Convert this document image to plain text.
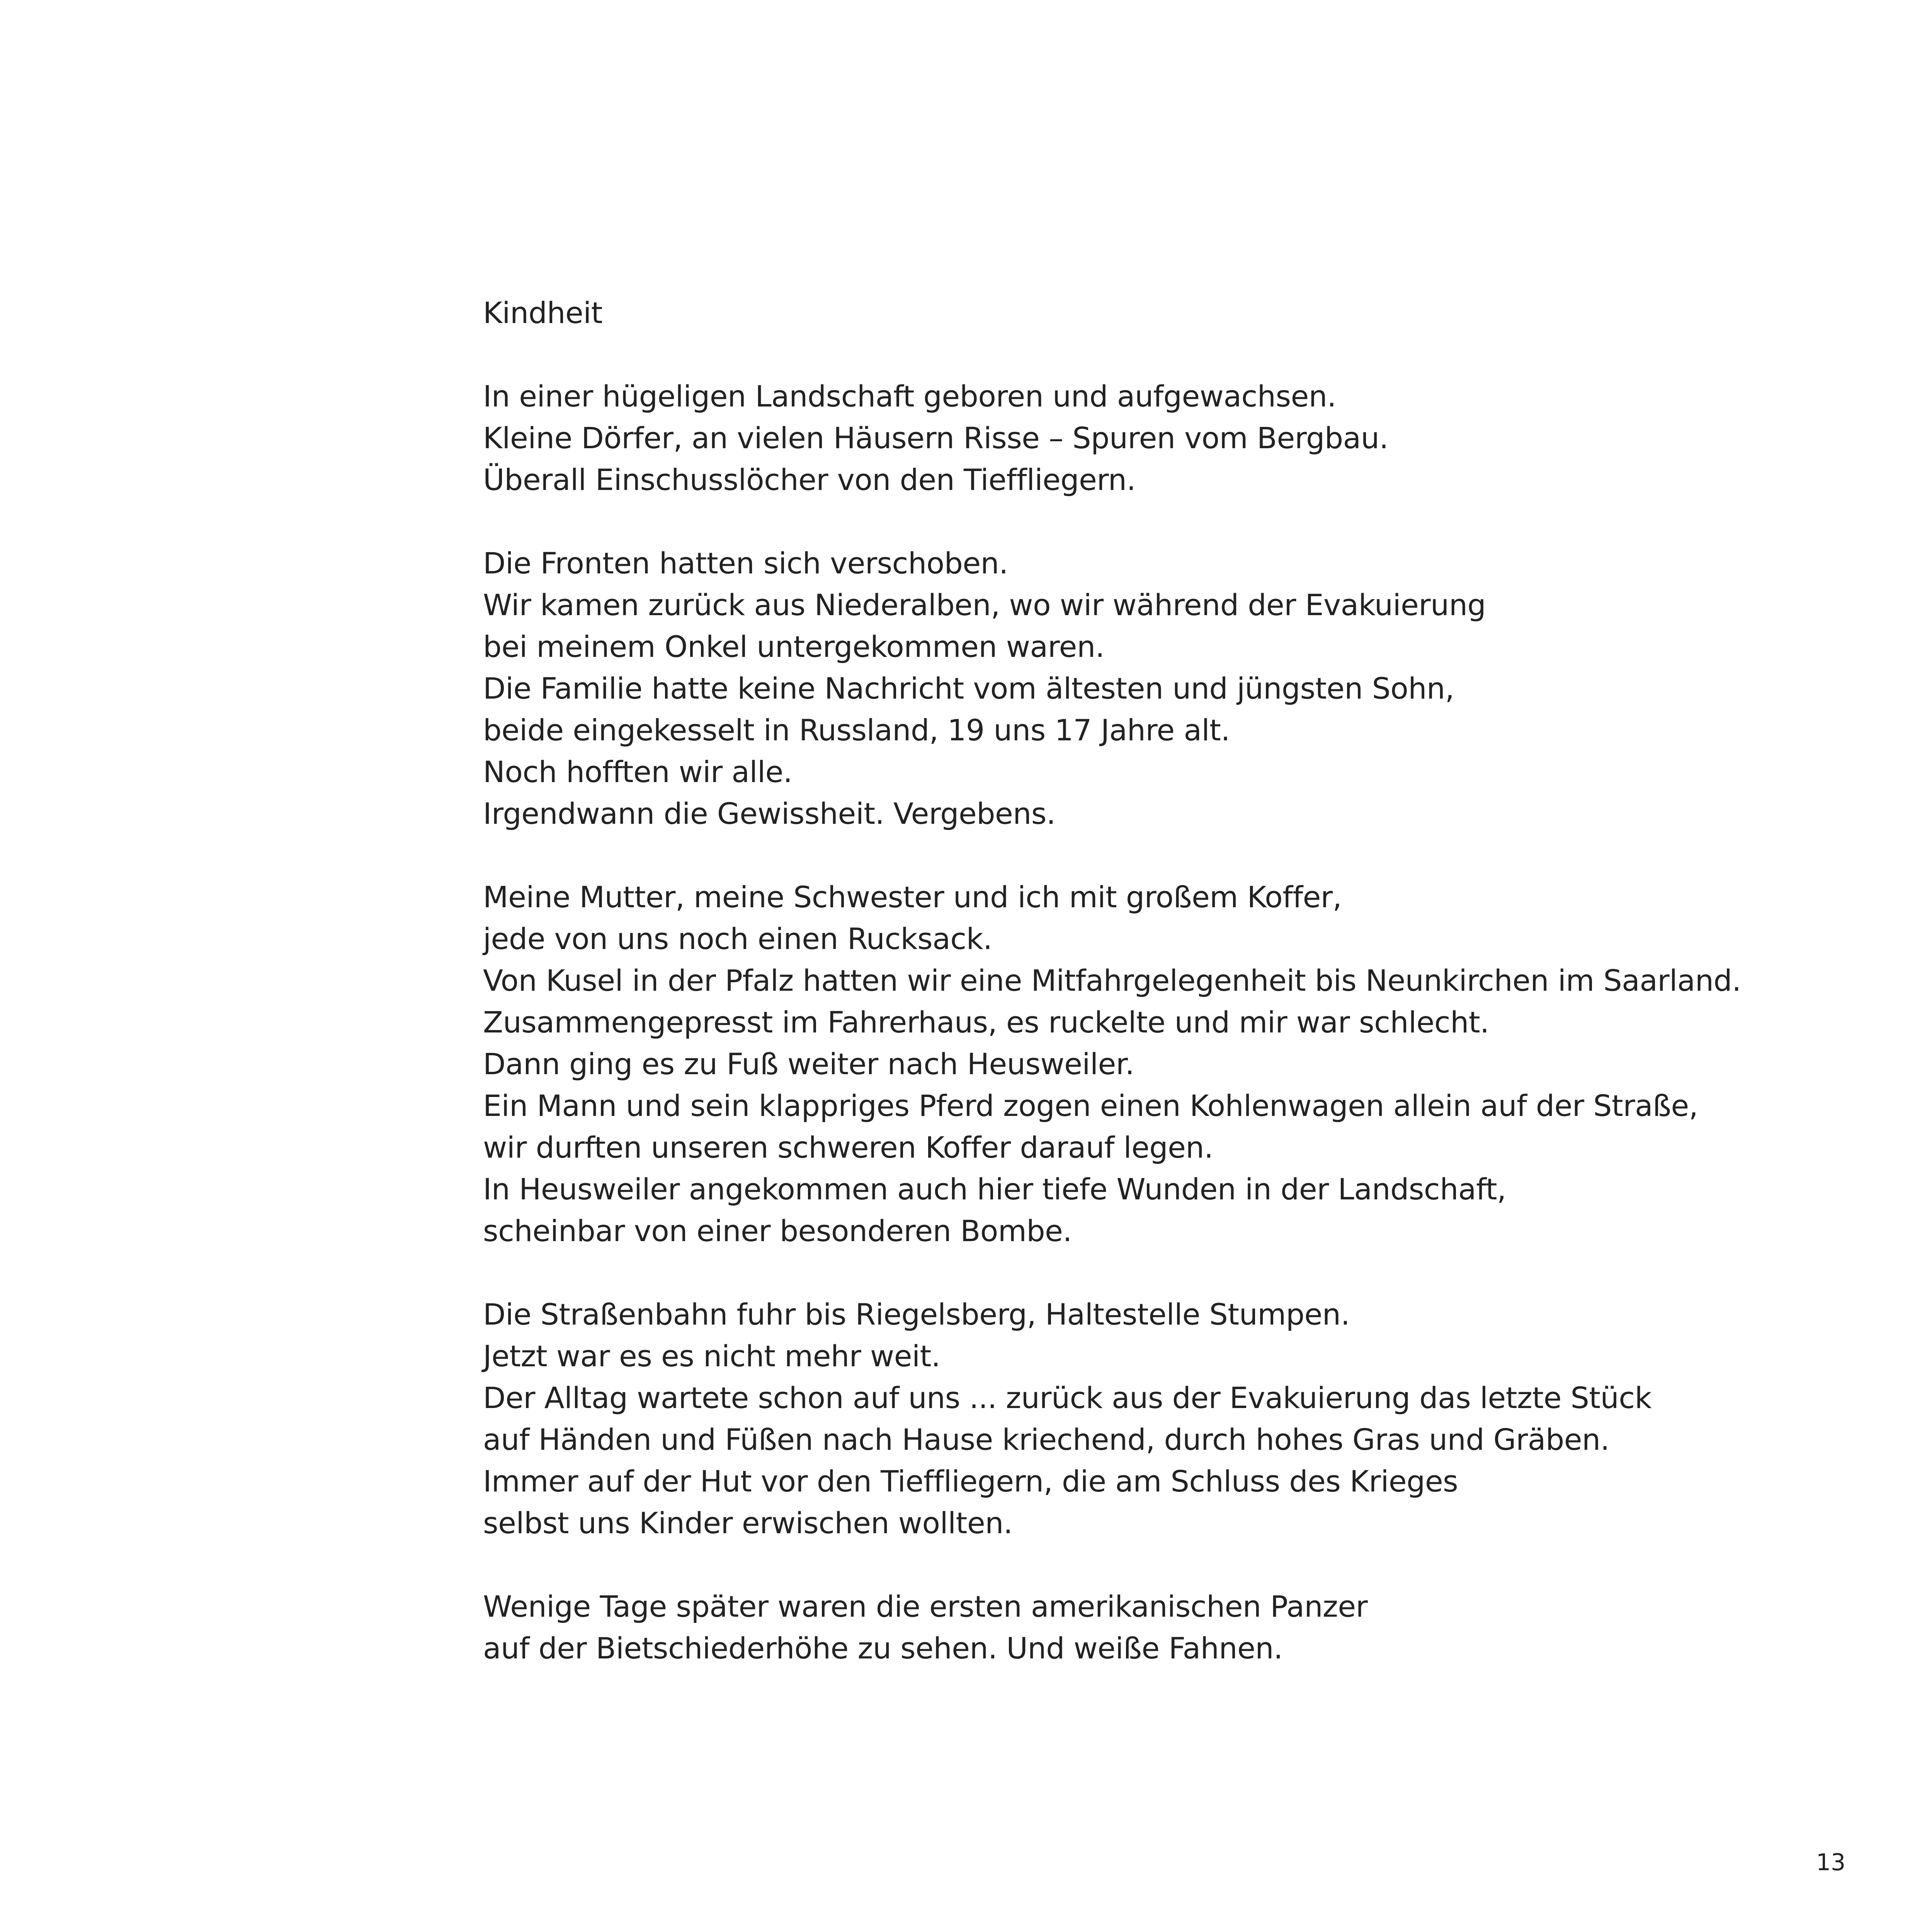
Kindheit
In einer hügeligen Landschaft geboren und aufgewachsen.
Kleine Dörfer, an vielen Häusern Risse – Spuren vom Bergbau.
Überall Einschusslöcher von den Tieffliegern.
Die Fronten hatten sich verschoben.
Wir kamen zurück aus Niederalben, wo wir während der Evakuierung
bei meinem Onkel untergekommen waren.
Die Familie hatte keine Nachricht vom ältesten und jüngsten Sohn,
beide eingekesselt in Russland, 19 uns 17 Jahre alt.
Noch hofften wir alle.
Irgendwann die Gewissheit. Vergebens.
Meine Mutter, meine Schwester und ich mit großem Koffer,
jede von uns noch einen Rucksack.
Von Kusel in der Pfalz hatten wir eine Mitfahrgelegenheit bis Neunkirchen im Saarland.
Zusammengepresst im Fahrerhaus, es ruckelte und mir war schlecht.
Dann ging es zu Fuß weiter nach Heusweiler.
Ein Mann und sein klappriges Pferd zogen einen Kohlenwagen allein auf der Straße,
wir durften unseren schweren Koffer darauf legen.
In Heusweiler angekommen auch hier tiefe Wunden in der Landschaft,
scheinbar von einer besonderen Bombe.
Die Straßenbahn fuhr bis Riegelsberg, Haltestelle Stumpen.
Jetzt war es es nicht mehr weit.
Der Alltag wartete schon auf uns ... zurück aus der Evakuierung das letzte Stück
auf Händen und Füßen nach Hause kriechend, durch hohes Gras und Gräben.
Immer auf der Hut vor den Tieffliegern, die am Schluss des Krieges
selbst uns Kinder erwischen wollten.
Wenige Tage später waren die ersten amerikanischen Panzer
auf der Bietschiederhöhe zu sehen. Und weiße Fahnen.
13
